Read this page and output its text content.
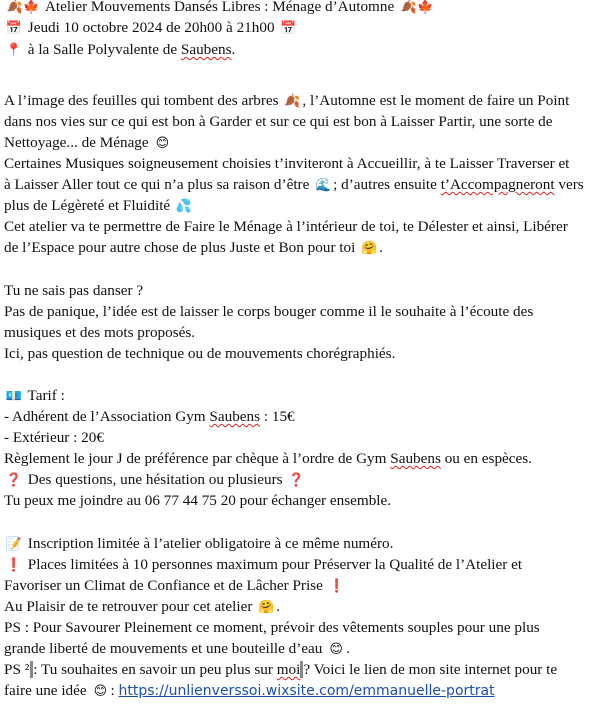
🍂🍁 Atelier Mouvements Dansés Libres : Ménage d’Automne 🍂🍁
📅 Jeudi 10 octobre 2024 de 20h00 à 21h00 📅
📍 à la Salle Polyvalente de Saubens.
A l’image des feuilles qui tombent des arbres 🍂 , l’Automne est le moment de faire un Point
dans nos vies sur ce qui est bon à Garder et sur ce qui est bon à Laisser Partir, une sorte de
Nettoyage... de Ménage 😊
Certaines Musiques soigneusement choisies t’inviteront à Accueillir, à te Laisser Traverser et
à Laisser Aller tout ce qui n’a plus sa raison d’être 🌊 ; d’autres ensuite t’Accompagneront vers
plus de Légèreté et Fluidité 💦
Cet atelier va te permettre de Faire le Ménage à l’intérieur de toi, te Délester et ainsi, Libérer
de l’Espace pour autre chose de plus Juste et Bon pour toi 🤗 .
Tu ne sais pas danser ?
Pas de panique, l’idée est de laisser le corps bouger comme il le souhaite à l’écoute des
musiques et des mots proposés.
Ici, pas question de technique ou de mouvements chorégraphiés.
💶 Tarif :
- Adhérent de l’Association Gym Saubens : 15€
- Extérieur : 20€
Règlement le jour J de préférence par chèque à l’ordre de Gym Saubens ou en espèces.
❓ Des questions, une hésitation ou plusieurs ❓
Tu peux me joindre au 06 77 44 75 20 pour échanger ensemble.
📝 Inscription limitée à l’atelier obligatoire à ce même numéro.
❗ Places limitées à 10 personnes maximum pour Préserver la Qualité de l’Atelier et
Favoriser un Climat de Confiance et de Lâcher Prise ❗
Au Plaisir de te retrouver pour cet atelier 🤗 .
PS : Pour Savourer Pleinement ce moment, prévoir des vêtements souples pour une plus
grande liberté de mouvements et une bouteille d’eau 😊 .
PS ² : Tu souhaites en savoir un peu plus sur moi ? Voici le lien de mon site internet pour te
faire une idée 😊 : https://unlienverssoi.wixsite.com/emmanuelle-portrat
